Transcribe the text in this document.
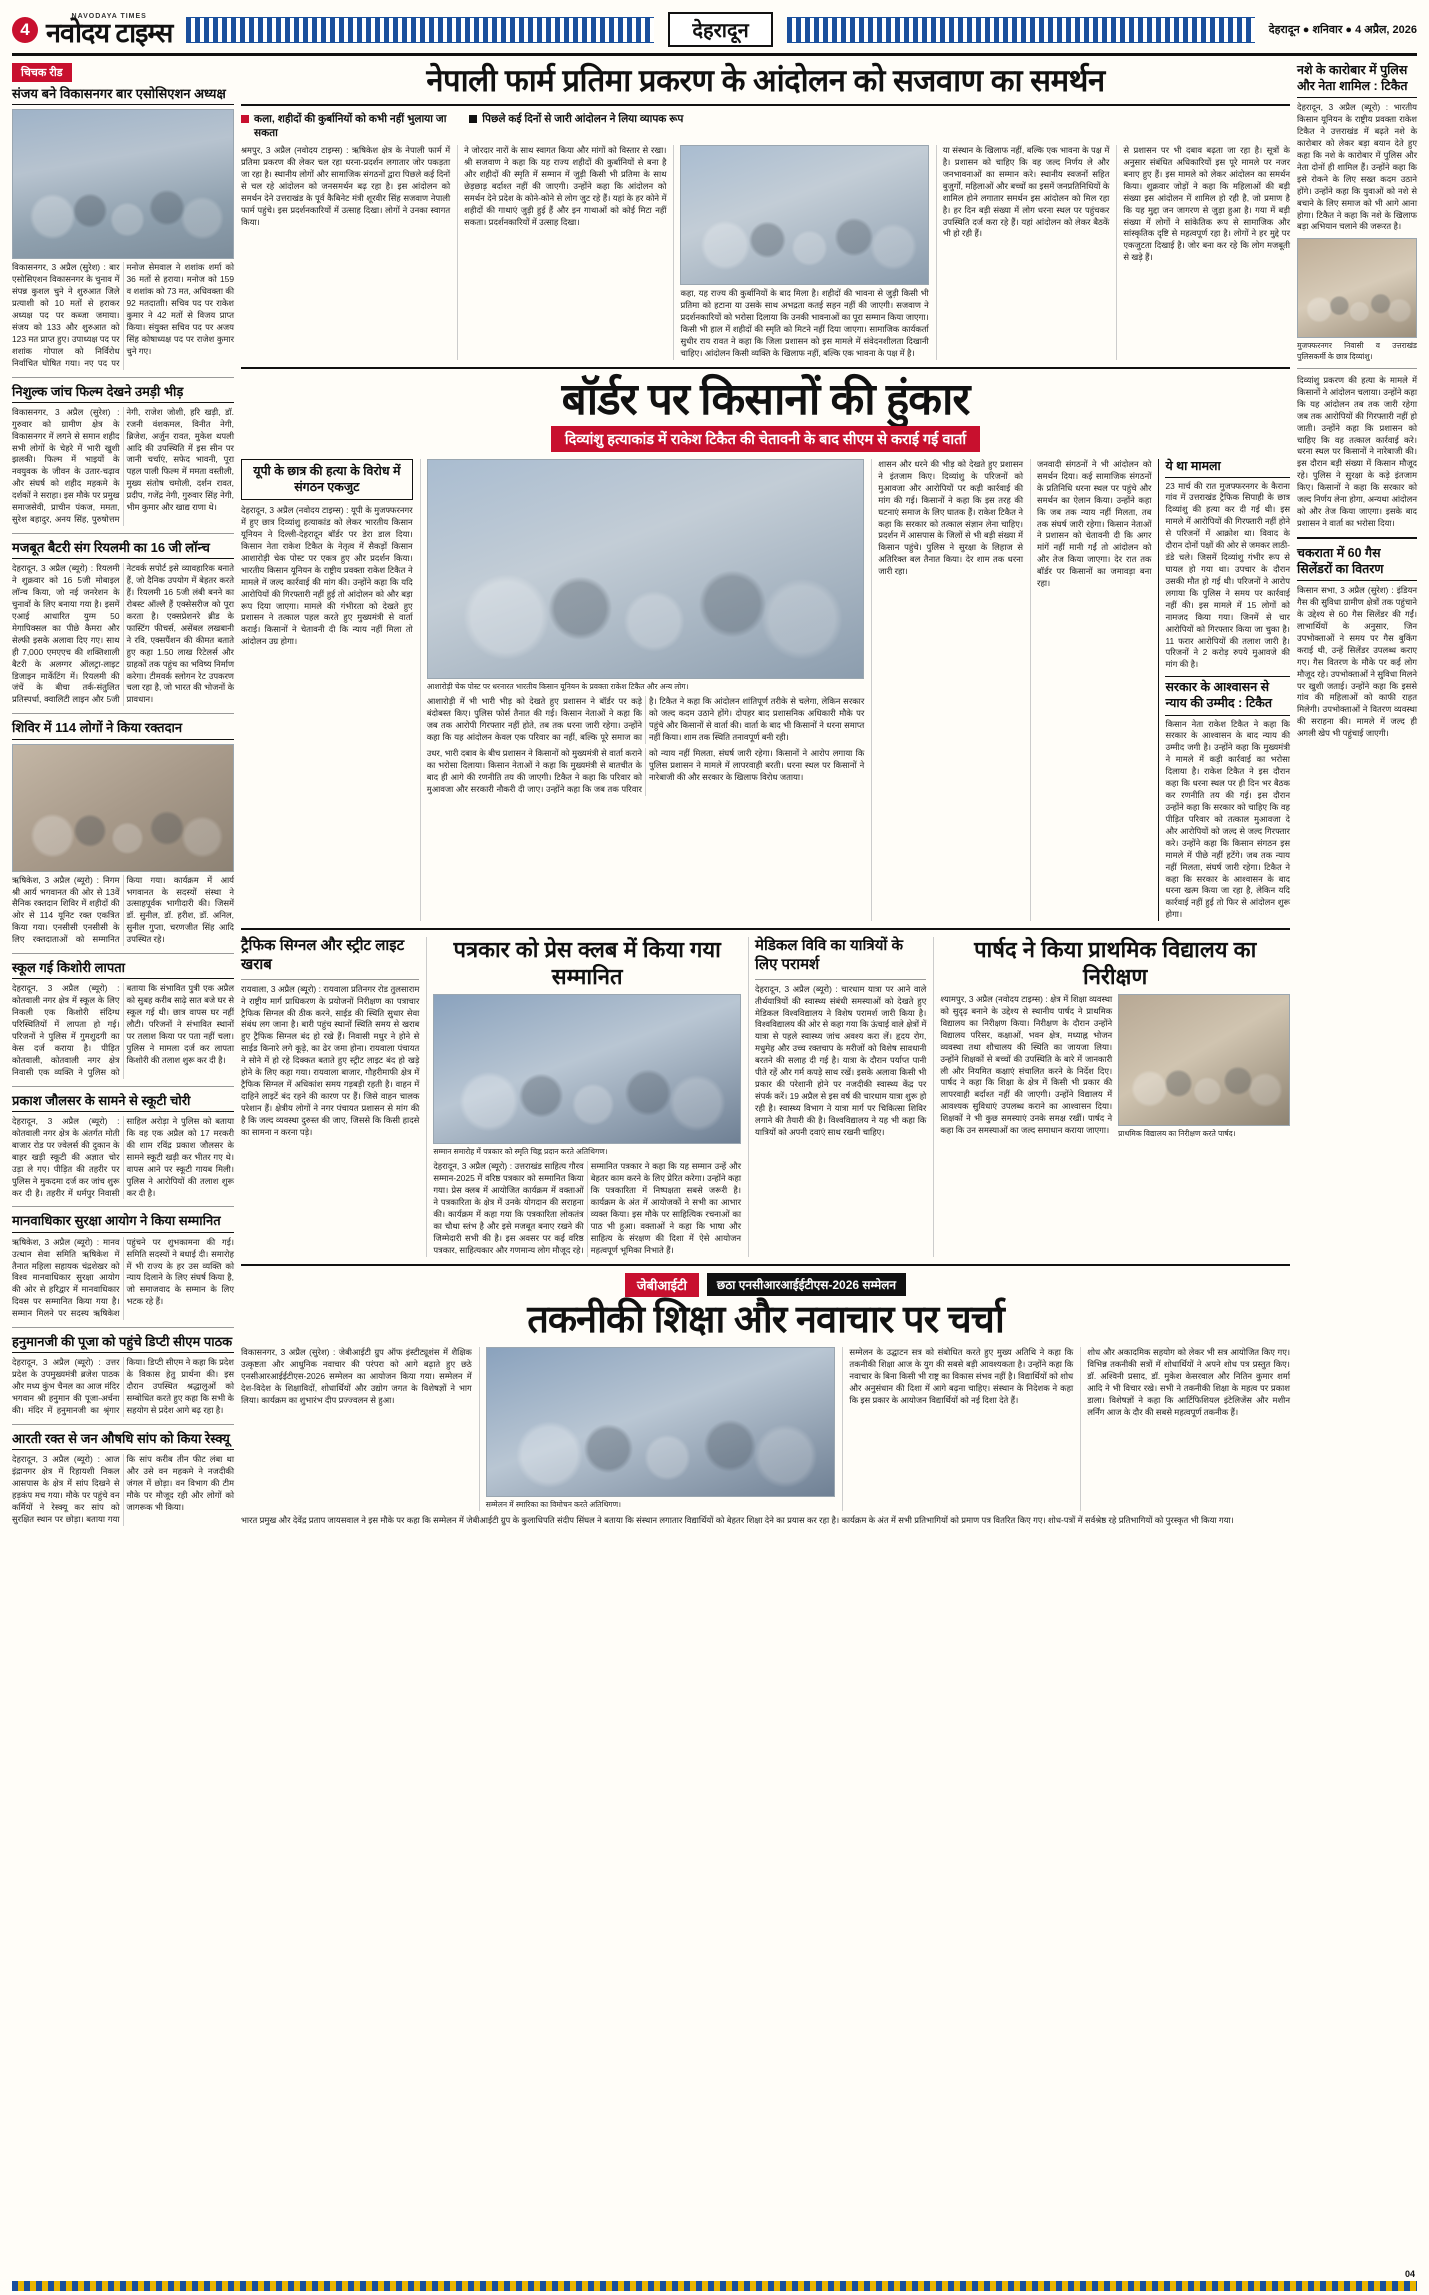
4
NAVODAYA TIMES
नवोदय टाइम्स	देहरादून	देहरादून ● शनिवार ● 4 अप्रैल, 2026
चिचक रीड
संजय बने विकासनगर बार एसोसिएशन अध्यक्ष
विकासनगर, 3 अप्रैल (सुरेश) : बार एसोसिएशन विकासनगर के चुनाव में संपन्न कुशल चुने ने शुरुआत जिले प्रत्याशी को 10 मतों से हराकर अध्यक्ष पद पर कब्जा जमाया। संजय को 133 और शुरुआत को 123 मत प्राप्त हुए। उपाध्यक्ष पद पर शशांक गोपाल को निर्विरोध निर्वाचित घोषित गया। नए पद पर मनोज सेमवाल ने शशांक शर्मा को 36 मतों से हराया। मनोज को 159 व शशांक को 73 मत, अधिवक्ता की 92 मतदाताी। सचिव पद पर राकेश कुमार ने 42 मतों से विजय प्राप्त किया। संयुक्त सचिव पद पर अजय सिंह कोषाध्यक्ष पद पर राजेश कुमार चुने गए।
निशुल्क जांच फिल्म देखने उमड़ी भीड़
विकासनगर, 3 अप्रैल (सुरेश) : गुरुवार को ग्रामीण क्षेत्र के विकासनगर में लगने से समान शहीद सभी लोगों के चेहरे में भारी खुशी झलकी। फिल्म में भाइयों के नवयुवक के जीवन के उतार-चढ़ाव और संघर्ष को शहीद महकमे के दर्शकों ने सराहा। इस मौके पर प्रमुख समाजसेवी, प्राचीन पंकज, ममता, सुरेश बहादुर, अनय सिंह, पुरुषोत्तम नेगी, राजेश जोशी, हरि खड़ी, डॉ. रजनी वंशकमल, विनीत नेगी, ब्रिजेश, अर्जुन रावत, मुकेश थपली आदि की उपस्थिति में इस सीन पर जानी चर्चाएं, सफेद भावनी, पूरा पहल पाली फिल्म में ममता वस्तीली, मुख्य संतोष चमोली, दर्शन रावत, प्रदीप, गजेंद्र नेगी, गुरुवार सिंह नेगी, भीम कुमार और खाद्य राणा थे।
मजबूत बैटरी संग रियलमी का 16 जी लॉन्च
देहरादून, 3 अप्रैल (ब्यूरो) : रियलमी ने शुक्रवार को 16 5जी मोबाइल लॉन्च किया, जो नई जनरेशन के चुनावों के लिए बनाया गया है। इसमें एआई आधारित युग्म 50 मेगापिक्सल का पीछे कैमरा और सेल्फी इसके अलावा दिए गए। साथ ही 7,000 एमएएच की शक्तिशाली बैटरी के अलग्गर ऑलट्रा-लाइट डिजाइन मार्केटिंग में। रियलमी की जंचें के बीचा तर्क-संतुलित प्रतिस्पर्धा, क्वालिटी लाइन और 5जी नेटवर्क सपोर्ट इसे व्यावहारिक बनाते हैं, जो दैनिक उपयोग में बेहतर करते हैं। रियलमी 16 5जी लंबी बनने का रोबस्ट ऑल्लै हैं एक्सेसरीज को पूरा करता है। एक्सप्रेशनरे ब्रीड के फास्टिंग फीचर्स, असेंबल लखबानी ने रवि, एक्सपैंशन की कीमत बताते हुए कहा 1.50 लाख रिटेलर्स और ग्राहकों तक पहुंच का भविष्य निर्माण करेगा। टीमवर्क स्लोगन रेट उपकरण चला रहा है, जो भारत की भोजनों के प्रावधान।
शिविर में 114 लोगों ने किया रक्तदान
ऋषिकेश, 3 अप्रैल (ब्यूरो) : निगम श्री आर्य भगवानत की ओर से 13वें सैनिक रक्तदान शिविर में शहीदों की ओर से 114 यूनिट रक्त एकत्रित किया गया। एनसीसी एनसीसी के लिए रक्तदाताओं को सम्मानित किया गया। कार्यक्रम में आर्य भगवानत के सदस्यों संस्था ने उत्साहपूर्वक भागीदारी की। जिसमें डॉ. सुनील, डॉ. हरीश, डॉ. अनिल, सुनील गुप्ता, चरणजीत सिंह आदि उपस्थित रहे।
स्कूल गई किशोरी लापता
देहरादून, 3 अप्रैल (ब्यूरो) : कोतवाली नगर क्षेत्र में स्कूल के लिए निकली एक किशोरी संदिग्ध परिस्थितियों में लापता हो गई। परिजनों ने पुलिस में गुमशुदगी का केस दर्ज कराया है। पीड़ित कोतवाली, कोतवाली नगर क्षेत्र निवासी एक व्यक्ति ने पुलिस को बताया कि संभावित पुत्री एक अप्रैल को सुबह करीब साढ़े सात बजे घर से स्कूल गई थी। छात्र वापस घर नहीं लौटी। परिजनों ने संभावित स्थानों पर तलाश किया पर पता नहीं चला। पुलिस ने मामला दर्ज कर लापता किशोरी की तलाश शुरू कर दी है।
प्रकाश जौलसर के सामने से स्कूटी चोरी
देहरादून, 3 अप्रैल (ब्यूरो) : कोतवाली नगर क्षेत्र के अंतर्गत मोती बाजार रोड पर ज्वेलर्स की दुकान के बाहर खड़ी स्कूटी की अज्ञात चोर उड़ा ले गए। पीड़ित की तहरीर पर पुलिस ने मुकदमा दर्ज कर जांच शुरू कर दी है। तहरीर में धर्मपुर निवासी साहिल अरोड़ा ने पुलिस को बताया कि वह एक अप्रैल को 17 मरकरी की शाम रविंद्र प्रकाश जौलसर के सामने स्कूटी खड़ी कर भीतर गए थे। वापस आने पर स्कूटी गायब मिली। पुलिस ने आरोपियों की तलाश शुरू कर दी है।
मानवाधिकार सुरक्षा आयोग ने किया सम्मानित
ऋषिकेश, 3 अप्रैल (ब्यूरो) : मानव उत्थान सेवा समिति ऋषिकेश में तैनात महिला सहायक चंद्रशेखर को विश्व मानवाधिकार सुरक्षा आयोग की ओर से हरिद्वार में मानवाधिकार दिवस पर सम्मानित किया गया है। सम्मान मिलने पर सदस्य ऋषिकेश पहुंचने पर शुभकामना की गई। समिति सदस्यों ने बधाई दी। समारोह में भी राज्य के हर उस व्यक्ति को न्याय दिलाने के लिए संघर्ष किया है, जो समाजवाद के सम्मान के लिए भटक रहे हैं।
हनुमानजी की पूजा को पहुंचे डिप्टी सीएम पाठक
देहरादून, 3 अप्रैल (ब्यूरो) : उत्तर प्रदेश के उपमुख्यमंत्री ब्रजेश पाठक और मध्य कुंभ चैनल का आज मंदिर भगवान श्री हनुमान की पूजा-अर्चना की। मंदिर में हनुमानजी का श्रृंगार किया। डिप्टी सीएम ने कहा कि प्रदेश के विकास हेतु प्रार्थना की। इस दौरान उपस्थित श्रद्धालुओं को सम्बोधित करते हुए कहा कि सभी के सहयोग से प्रदेश आगे बढ़ रहा है।
आरती रक्त से जन औषधि सांप को किया रेस्क्यू
देहरादून, 3 अप्रैल (ब्यूरो) : आज इंद्रानगर क्षेत्र में रिहायशी निकल आसपास के क्षेत्र में सांप दिखने से हड़कंप मच गया। मौके पर पहुंचे वन कर्मियों ने रेस्क्यू कर सांप को सुरक्षित स्थान पर छोड़ा। बताया गया कि सांप करीब तीन फीट लंबा था और उसे वन महकमे ने नजदीकी जंगल में छोड़ा। वन विभाग की टीम मौके पर मौजूद रही और लोगों को जागरूक भी किया।
नेपाली फार्म प्रतिमा प्रकरण के आंदोलन को सजवाण का समर्थन
कला, शहीदों की कुर्बानियों को कभी नहीं भुलाया जा सकता
पिछले कई दिनों से जारी आंदोलन ने लिया व्यापक रूप
श्रमपुर, 3 अप्रैल (नवोदय टाइम्स) : ऋषिकेश क्षेत्र के नेपाली फार्म में प्रतिमा प्रकरण की लेकर चल रहा धरना-प्रदर्शन लगातार जोर पकड़ता जा रहा है। स्थानीय लोगों और सामाजिक संगठनों द्वारा पिछले कई दिनों से चल रहे आंदोलन को जनसमर्थन बढ़ रहा है। इस आंदोलन को समर्थन देने उत्तराखंड के पूर्व कैबिनेट मंत्री शूरवीर सिंह सजवाण नेपाली फार्म पहुंचे। इस प्रदर्शनकारियों में उत्साह दिखा। लोगों ने उनका स्वागत किया।
ने जोरदार नारों के साथ स्वागत किया और मांगों को विस्तार से रखा। श्री सजवाण ने कहा कि यह राज्य शहीदों की कुर्बानियों से बना है और शहीदों की स्मृति में सम्मान में जुड़ी किसी भी प्रतिमा के साथ छेड़छाड़ बर्दाश्त नहीं की जाएगी। उन्होंने कहा कि आंदोलन को समर्थन देने प्रदेश के कोने-कोने से लोग जुट रहे हैं। यहां के हर कोने में शहीदों की गाथाएं जुड़ी हुई हैं और इन गाथाओं को कोई मिटा नहीं सकता। प्रदर्शनकारियों में उत्साह दिखा।
कहा, यह राज्य की कुर्बानियों के बाद मिला है। शहीदों की भावना से जुड़ी किसी भी प्रतिमा को हटाना या उसके साथ अभद्रता कतई सहन नहीं की जाएगी। सजवाण ने प्रदर्शनकारियों को भरोसा दिलाया कि उनकी भावनाओं का पूरा सम्मान किया जाएगा। किसी भी हाल में शहीदों की स्मृति को मिटने नहीं दिया जाएगा। सामाजिक कार्यकर्ता सुधीर राय रावत ने कहा कि जिला प्रशासन को इस मामले में संवेदनशीलता दिखानी चाहिए। आंदोलन किसी व्यक्ति के खिलाफ नहीं, बल्कि एक भावना के पक्ष में है।
या संस्थान के खिलाफ नहीं, बल्कि एक भावना के पक्ष में है। प्रशासन को चाहिए कि वह जल्द निर्णय ले और जनभावनाओं का सम्मान करे। स्थानीय स्वजनों सहित बुजुर्गों, महिलाओं और बच्चों का इसमें जनप्रतिनिधियों के शामिल होने लगातार समर्थन इस आंदोलन को मिल रहा है। हर दिन बड़ी संख्या में लोग धरना स्थल पर पहुंचकर उपस्थिति दर्ज करा रहे हैं। यहां आंदोलन को लेकर बैठकें भी हो रही हैं।
से प्रशासन पर भी दबाव बढ़ता जा रहा है। सूत्रों के अनुसार संबंधित अधिकारियों इस पूरे मामले पर नजर बनाए हुए हैं। इस मामले को लेकर आंदोलन का समर्थन किया। शुक्रवार जोड़ों ने कहा कि महिलाओं की बड़ी संख्या इस आंदोलन में शामिल हो रही है, जो प्रमाण है कि यह मुद्दा जन जागरण से जुड़ा हुआ है। गया में बड़ी संख्या में लोगों ने सांकेतिक रूप से सामाजिक और सांस्कृतिक दृष्टि से महत्वपूर्ण रहा है। लोगों ने हर मुद्दे पर एकजुटता दिखाई है। जोर बना कर रहे कि लोग मजबूती से खड़े हैं।
बॉर्डर पर किसानों की हुंकार
दिव्यांशु हत्याकांड में राकेश टिकैत की चेतावनी के बाद सीएम से कराई गई वार्ता
यूपी के छात्र की हत्या के विरोध में संगठन एकजुट
देहरादून, 3 अप्रैल (नवोदय टाइम्स) : यूपी के मुजफ्फरनगर में हुए छात्र दिव्यांशु हत्याकांड को लेकर भारतीय किसान यूनियन ने दिल्ली-देहरादून बॉर्डर पर डेरा डाल दिया। किसान नेता राकेश टिकैत के नेतृत्व में सैकड़ों किसान आशारोड़ी चेक पोस्ट पर एकत्र हुए और प्रदर्शन किया। भारतीय किसान यूनियन के राष्ट्रीय प्रवक्ता राकेश टिकैत ने मामले में जल्द कार्रवाई की मांग की। उन्होंने कहा कि यदि आरोपियों की गिरफ्तारी नहीं हुई तो आंदोलन को और बड़ा रूप दिया जाएगा। मामले की गंभीरता को देखते हुए प्रशासन ने तत्काल पहल करते हुए मुख्यमंत्री से वार्ता कराई। किसानों ने चेतावनी दी कि न्याय नहीं मिला तो आंदोलन उग्र होगा।
आशारोड़ी चेक पोस्ट पर धरनारत भारतीय किसान यूनियन के प्रवक्ता राकेश टिकैत और अन्य लोग।
आशारोड़ी में भी भारी भीड़ को देखते हुए प्रशासन ने बॉर्डर पर कड़े बंदोबस्त किए। पुलिस फोर्स तैनात की गई। किसान नेताओं ने कहा कि जब तक आरोपी गिरफ्तार नहीं होते, तब तक धरना जारी रहेगा। उन्होंने कहा कि यह आंदोलन केवल एक परिवार का नहीं, बल्कि पूरे समाज का है। टिकैत ने कहा कि आंदोलन शांतिपूर्ण तरीके से चलेगा, लेकिन सरकार को जल्द कदम उठाने होंगे। दोपहर बाद प्रशासनिक अधिकारी मौके पर पहुंचे और किसानों से वार्ता की। वार्ता के बाद भी किसानों ने धरना समाप्त नहीं किया। शाम तक स्थिति तनावपूर्ण बनी रही।
उधर, भारी दबाव के बीच प्रशासन ने किसानों को मुख्यमंत्री से वार्ता कराने का भरोसा दिलाया। किसान नेताओं ने कहा कि मुख्यमंत्री से बातचीत के बाद ही आगे की रणनीति तय की जाएगी। टिकैत ने कहा कि परिवार को मुआवजा और सरकारी नौकरी दी जाए। उन्होंने कहा कि जब तक परिवार को न्याय नहीं मिलता, संघर्ष जारी रहेगा। किसानों ने आरोप लगाया कि पुलिस प्रशासन ने मामले में लापरवाही बरती। धरना स्थल पर किसानों ने नारेबाजी की और सरकार के खिलाफ विरोध जताया।
शासन और धरने की भीड़ को देखते हुए प्रशासन ने इंतजाम किए। दिव्यांशु के परिजनों को मुआवजा और आरोपियों पर कड़ी कार्रवाई की मांग की गई। किसानों ने कहा कि इस तरह की घटनाएं समाज के लिए घातक हैं। राकेश टिकैत ने कहा कि सरकार को तत्काल संज्ञान लेना चाहिए। प्रदर्शन में आसपास के जिलों से भी बड़ी संख्या में किसान पहुंचे। पुलिस ने सुरक्षा के लिहाज से अतिरिक्त बल तैनात किया। देर शाम तक धरना जारी रहा।
जनवादी संगठनों ने भी आंदोलन को समर्थन दिया। कई सामाजिक संगठनों के प्रतिनिधि धरना स्थल पर पहुंचे और समर्थन का ऐलान किया। उन्होंने कहा कि जब तक न्याय नहीं मिलता, तब तक संघर्ष जारी रहेगा। किसान नेताओं ने प्रशासन को चेतावनी दी कि अगर मांगें नहीं मानी गईं तो आंदोलन को और तेज किया जाएगा। देर रात तक बॉर्डर पर किसानों का जमावड़ा बना रहा।
ये था मामला
23 मार्च की रात मुजफ्फरनगर के कैराना गांव में उत्तराखंड ट्रैफिक सिपाही के छात्र दिव्यांशु की हत्या कर दी गई थी। इस मामले में आरोपियों की गिरफ्तारी नहीं होने से परिजनों में आक्रोश था। विवाद के दौरान दोनों पक्षों की ओर से जमकर लाठी-डंडे चले। जिसमें दिव्यांशु गंभीर रूप से घायल हो गया था। उपचार के दौरान उसकी मौत हो गई थी। परिजनों ने आरोप लगाया कि पुलिस ने समय पर कार्रवाई नहीं की। इस मामले में 15 लोगों को नामजद किया गया। जिनमें से चार आरोपियों को गिरफ्तार किया जा चुका है। 11 फरार आरोपियों की तलाश जारी है। परिजनों ने 2 करोड़ रुपये मुआवजे की मांग की है।
सरकार के आश्वासन से न्याय की उम्मीद : टिकैत
किसान नेता राकेश टिकैत ने कहा कि सरकार के आश्वासन के बाद न्याय की उम्मीद जगी है। उन्होंने कहा कि मुख्यमंत्री ने मामले में कड़ी कार्रवाई का भरोसा दिलाया है। राकेश टिकैत ने इस दौरान कहा कि धरना स्थल पर ही दिन भर बैठक कर रणनीति तय की गई। इस दौरान उन्होंने कहा कि सरकार को चाहिए कि वह पीड़ित परिवार को तत्काल मुआवजा दे और आरोपियों को जल्द से जल्द गिरफ्तार करे। उन्होंने कहा कि किसान संगठन इस मामले में पीछे नहीं हटेंगे। जब तक न्याय नहीं मिलता, संघर्ष जारी रहेगा। टिकैत ने कहा कि सरकार के आश्वासन के बाद धरना खत्म किया जा रहा है, लेकिन यदि कार्रवाई नहीं हुई तो फिर से आंदोलन शुरू होगा।
ट्रैफिक सिग्नल और स्ट्रीट लाइट खराब
रायवाला, 3 अप्रैल (ब्यूरो) : रायवाला प्रतिनगर रोड तुलसाराम ने राष्ट्रीय मार्ग प्राधिकरण के प्रयोजनों निरीक्षण का पत्राचार ट्रैफिक सिग्नल की ठीक करने, साईड की स्थिति सुधार सेवा संबंध लग जाना है। बारी पहुंच स्थानों स्थिति समय से खराब हुए ट्रैफिक सिग्नल बंद हो रखे हैं। निवासी मधुर ने होने से साईड किनारे लगे कूड़े, का ढेर जमा होना। रायवाला पंचायत ने सोने में हो रहे दिक्कत बताते हुए स्ट्रीट लाइट बंद हो खड़े होने के लिए कहा गया। रायवाला बाजार, गौहरीमाफी क्षेत्र में ट्रैफिक सिग्नल में अधिकांश समय गड़बड़ी रहती है। वाहन में दाहिने लाइटें बंद रहने की कारण पर हैं। जिसे वाहन चालक परेशान हैं। क्षेत्रीय लोगों ने नगर पंचायत प्रशासन से मांग की है कि जल्द व्यवस्था दुरुस्त की जाए, जिससे कि किसी हादसे का सामना न करना पड़े।
पत्रकार को प्रेस क्लब में किया गया सम्मानित
सम्मान समारोह में पत्रकार को स्मृति चिह्न प्रदान करते अतिथिगण।
देहरादून, 3 अप्रैल (ब्यूरो) : उत्तराखंड साहित्य गौरव सम्मान-2025 में वरिष्ठ पत्रकार को सम्मानित किया गया। प्रेस क्लब में आयोजित कार्यक्रम में वक्ताओं ने पत्रकारिता के क्षेत्र में उनके योगदान की सराहना की। कार्यक्रम में कहा गया कि पत्रकारिता लोकतंत्र का चौथा स्तंभ है और इसे मजबूत बनाए रखने की जिम्मेदारी सभी की है। इस अवसर पर कई वरिष्ठ पत्रकार, साहित्यकार और गणमान्य लोग मौजूद रहे। सम्मानित पत्रकार ने कहा कि यह सम्मान उन्हें और बेहतर काम करने के लिए प्रेरित करेगा। उन्होंने कहा कि पत्रकारिता में निष्पक्षता सबसे जरूरी है। कार्यक्रम के अंत में आयोजकों ने सभी का आभार व्यक्त किया। इस मौके पर साहित्यिक रचनाओं का पाठ भी हुआ। वक्ताओं ने कहा कि भाषा और साहित्य के संरक्षण की दिशा में ऐसे आयोजन महत्वपूर्ण भूमिका निभाते हैं।
मेडिकल विवि का यात्रियों के लिए परामर्श
देहरादून, 3 अप्रैल (ब्यूरो) : चारधाम यात्रा पर आने वाले तीर्थयात्रियों की स्वास्थ्य संबंधी समस्याओं को देखते हुए मेडिकल विश्वविद्यालय ने विशेष परामर्श जारी किया है। विश्वविद्यालय की ओर से कहा गया कि ऊंचाई वाले क्षेत्रों में यात्रा से पहले स्वास्थ्य जांच अवश्य करा लें। हृदय रोग, मधुमेह और उच्च रक्तचाप के मरीजों को विशेष सावधानी बरतने की सलाह दी गई है। यात्रा के दौरान पर्याप्त पानी पीते रहें और गर्म कपड़े साथ रखें। इसके अलावा किसी भी प्रकार की परेशानी होने पर नजदीकी स्वास्थ्य केंद्र पर संपर्क करें। 19 अप्रैल से इस वर्ष की चारधाम यात्रा शुरू हो रही है। स्वास्थ्य विभाग ने यात्रा मार्ग पर चिकित्सा शिविर लगाने की तैयारी की है। विश्वविद्यालय ने यह भी कहा कि यात्रियों को अपनी दवाएं साथ रखनी चाहिए।
पार्षद ने किया प्राथमिक विद्यालय का निरीक्षण
श्यामपुर, 3 अप्रैल (नवोदय टाइम्स) : क्षेत्र में शिक्षा व्यवस्था को सुदृढ़ बनाने के उद्देश्य से स्थानीय पार्षद ने प्राथमिक विद्यालय का निरीक्षण किया। निरीक्षण के दौरान उन्होंने विद्यालय परिसर, कक्षाओं, भवन क्षेत्र, मध्याह्न भोजन व्यवस्था तथा शौचालय की स्थिति का जायजा लिया। उन्होंने शिक्षकों से बच्चों की उपस्थिति के बारे में जानकारी ली और नियमित कक्षाएं संचालित करने के निर्देश दिए। पार्षद ने कहा कि शिक्षा के क्षेत्र में किसी भी प्रकार की लापरवाही बर्दाश्त नहीं की जाएगी। उन्होंने विद्यालय में आवश्यक सुविधाएं उपलब्ध कराने का आश्वासन दिया। शिक्षकों ने भी कुछ समस्याएं उनके समक्ष रखीं। पार्षद ने कहा कि उन समस्याओं का जल्द समाधान कराया जाएगा।	प्राथमिक विद्यालय का निरीक्षण करते पार्षद।
जेबीआईटी	छठा एनसीआरआईईटीएस-2026 सम्मेलन
तकनीकी शिक्षा और नवाचार पर चर्चा
विकासनगर, 3 अप्रैल (सुरेश) : जेबीआईटी ग्रुप ऑफ इंस्टीट्यूशंस में शैक्षिक उत्कृष्टता और आधुनिक नवाचार की परंपरा को आगे बढ़ाते हुए छठे एनसीआरआईईटीएस-2026 सम्मेलन का आयोजन किया गया। सम्मेलन में देश-विदेश के शिक्षाविदों, शोधार्थियों और उद्योग जगत के विशेषज्ञों ने भाग लिया। कार्यक्रम का शुभारंभ दीप प्रज्ज्वलन से हुआ।
सम्मेलन में स्मारिका का विमोचन करते अतिथिगण।
सम्मेलन के उद्घाटन सत्र को संबोधित करते हुए मुख्य अतिथि ने कहा कि तकनीकी शिक्षा आज के युग की सबसे बड़ी आवश्यकता है। उन्होंने कहा कि नवाचार के बिना किसी भी राष्ट्र का विकास संभव नहीं है। विद्यार्थियों को शोध और अनुसंधान की दिशा में आगे बढ़ना चाहिए। संस्थान के निदेशक ने कहा कि इस प्रकार के आयोजन विद्यार्थियों को नई दिशा देते हैं।
शोध और अकादमिक सहयोग को लेकर भी सत्र आयोजित किए गए। विभिन्न तकनीकी सत्रों में शोधार्थियों ने अपने शोध पत्र प्रस्तुत किए। डॉ. अश्विनी प्रसाद, डॉ. मुकेश केसरवाल और नितिन कुमार शर्मा आदि ने भी विचार रखे। सभी ने तकनीकी शिक्षा के महत्व पर प्रकाश डाला। विशेषज्ञों ने कहा कि आर्टिफिशियल इंटेलिजेंस और मशीन लर्निंग आज के दौर की सबसे महत्वपूर्ण तकनीक हैं।
भारत प्रमुख और देवेंद्र प्रताप जायसवाल ने इस मौके पर कहा कि सम्मेलन में जेबीआईटी ग्रुप के कुलाधिपति संदीप सिंघल ने बताया कि संस्थान लगातार विद्यार्थियों को बेहतर शिक्षा देने का प्रयास कर रहा है। कार्यक्रम के अंत में सभी प्रतिभागियों को प्रमाण पत्र वितरित किए गए। शोध-पत्रों में सर्वश्रेष्ठ रहे प्रतिभागियों को पुरस्कृत भी किया गया।
नशे के कारोबार में पुलिस और नेता शामिल : टिकैत
देहरादून, 3 अप्रैल (ब्यूरो) : भारतीय किसान यूनियन के राष्ट्रीय प्रवक्ता राकेश टिकैत ने उत्तराखंड में बढ़ते नशे के कारोबार को लेकर बड़ा बयान देते हुए कहा कि नशे के कारोबार में पुलिस और नेता दोनों ही शामिल हैं। उन्होंने कहा कि इसे रोकने के लिए सख्त कदम उठाने होंगे। उन्होंने कहा कि युवाओं को नशे से बचाने के लिए समाज को भी आगे आना होगा। टिकैत ने कहा कि नशे के खिलाफ बड़ा अभियान चलाने की जरूरत है।
मुजफ्फरनगर निवासी व उत्तराखंड पुलिसकर्मी के छात्र दिव्यांशु।
दिव्यांशु प्रकरण की हत्या के मामले में किसानों ने आंदोलन चलाया। उन्होंने कहा कि यह आंदोलन तब तक जारी रहेगा जब तक आरोपियों की गिरफ्तारी नहीं हो जाती। उन्होंने कहा कि प्रशासन को चाहिए कि वह तत्काल कार्रवाई करे। धरना स्थल पर किसानों ने नारेबाजी की। इस दौरान बड़ी संख्या में किसान मौजूद रहे। पुलिस ने सुरक्षा के कड़े इंतजाम किए। किसानों ने कहा कि सरकार को जल्द निर्णय लेना होगा, अन्यथा आंदोलन को और तेज किया जाएगा। इसके बाद प्रशासन ने वार्ता का भरोसा दिया।
चकराता में 60 गैस सिलेंडरों का वितरण
किसान सभा, 3 अप्रैल (सुरेश) : इंडियन गैस की सुविधा ग्रामीण क्षेत्रों तक पहुंचाने के उद्देश्य से 60 गैस सिलेंडर की गईं। लाभार्थियों के अनुसार, जिन उपभोक्ताओं ने समय पर गैस बुकिंग कराई थी, उन्हें सिलेंडर उपलब्ध कराए गए। गैस वितरण के मौके पर कई लोग मौजूद रहे। उपभोक्ताओं ने सुविधा मिलने पर खुशी जताई। उन्होंने कहा कि इससे गांव की महिलाओं को काफी राहत मिलेगी। उपभोक्ताओं ने वितरण व्यवस्था की सराहना की। मामले में जल्द ही अगली खेप भी पहुंचाई जाएगी।
04
